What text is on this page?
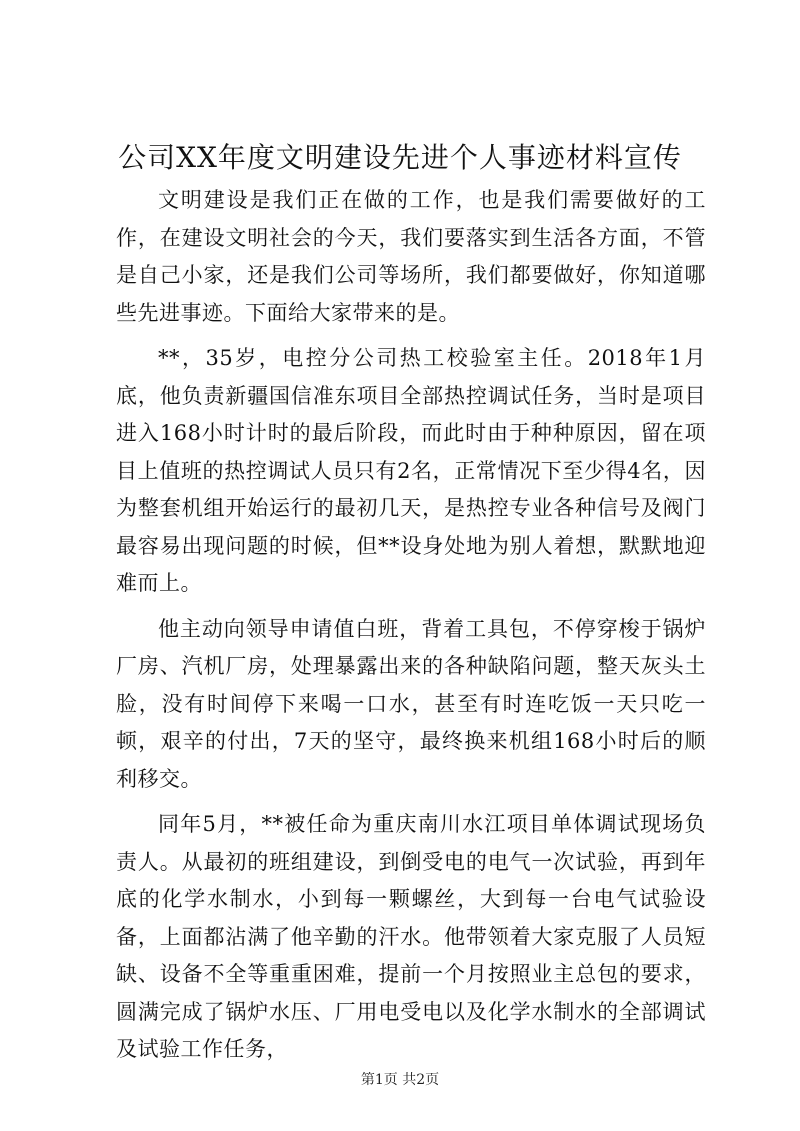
公司XX年度文明建设先进个人事迹材料宣传

文明建设是我们正在做的工作，也是我们需要做好的工作，在建设文明社会的今天，我们要落实到生活各方面，不管是自己小家，还是我们公司等场所，我们都要做好，你知道哪些先进事迹。下面给大家带来的是。

**，35岁，电控分公司热工校验室主任。2018年1月底，他负责新疆国信准东项目全部热控调试任务，当时是项目进入168小时计时的最后阶段，而此时由于种种原因，留在项目上值班的热控调试人员只有2名，正常情况下至少得4名，因为整套机组开始运行的最初几天，是热控专业各种信号及阀门最容易出现问题的时候，但**设身处地为别人着想，默默地迎难而上。

他主动向领导申请值白班，背着工具包，不停穿梭于锅炉厂房、汽机厂房，处理暴露出来的各种缺陷问题，整天灰头土脸，没有时间停下来喝一口水，甚至有时连吃饭一天只吃一顿，艰辛的付出，7天的坚守，最终换来机组168小时后的顺利移交。

同年5月，**被任命为重庆南川水江项目单体调试现场负责人。从最初的班组建设，到倒受电的电气一次试验，再到年底的化学水制水，小到每一颗螺丝，大到每一台电气试验设备，上面都沾满了他辛勤的汗水。他带领着大家克服了人员短缺、设备不全等重重困难，提前一个月按照业主总包的要求，圆满完成了锅炉水压、厂用电受电以及化学水制水的全部调试及试验工作任务，

第1页 共2页
